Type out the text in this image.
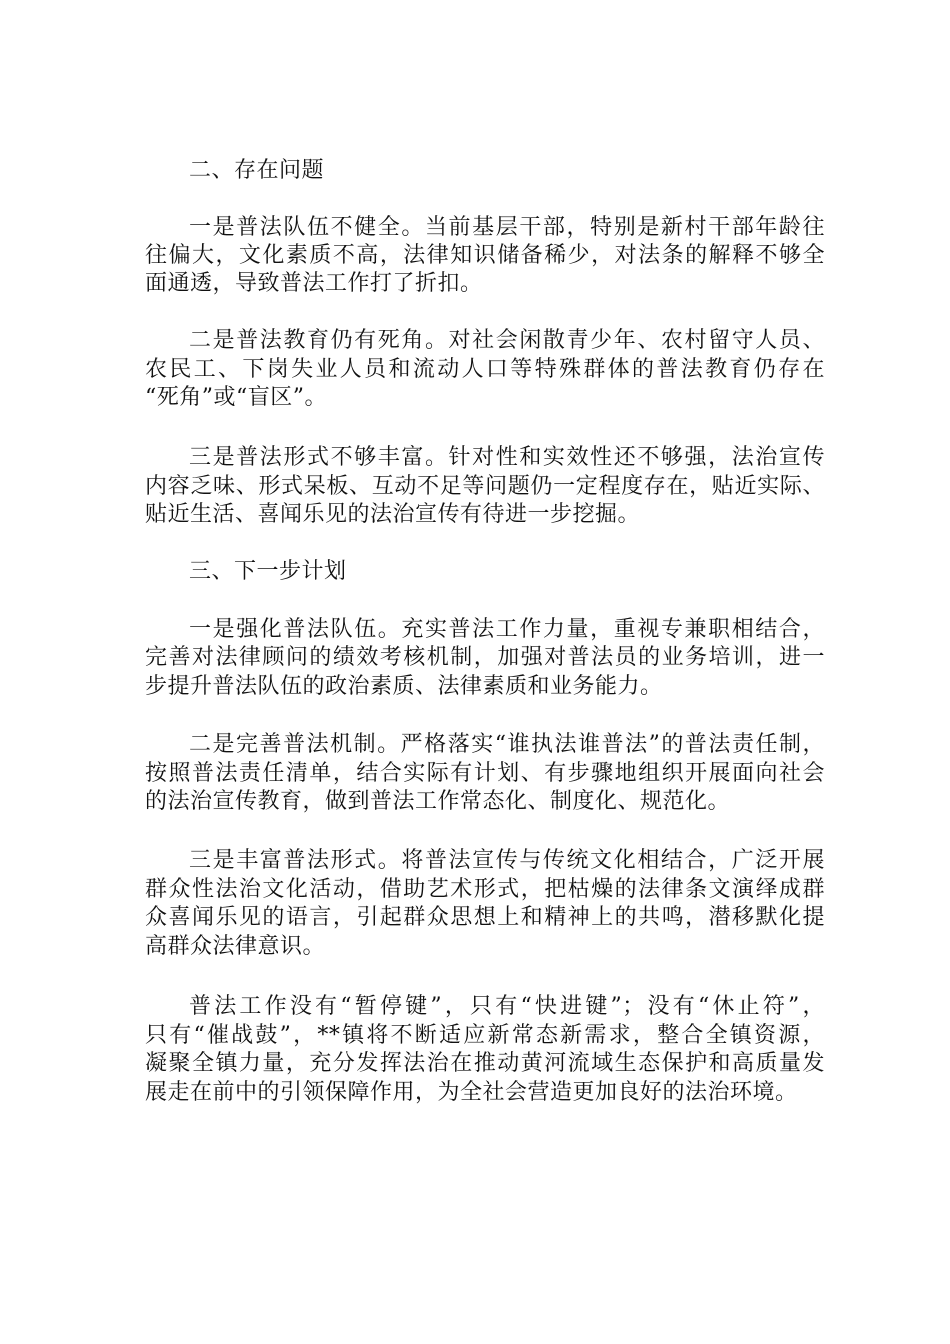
二、存在问题
一是普法队伍不健全。当前基层干部，特别是新村干部年龄往
往偏大，文化素质不高，法律知识储备稀少，对法条的解释不够全
面通透，导致普法工作打了折扣。
二是普法教育仍有死角。对社会闲散青少年、农村留守人员、
农民工、下岗失业人员和流动人口等特殊群体的普法教育仍存在
“死角”或“盲区”。
三是普法形式不够丰富。针对性和实效性还不够强，法治宣传
内容乏味、形式呆板、互动不足等问题仍一定程度存在，贴近实际、
贴近生活、喜闻乐见的法治宣传有待进一步挖掘。
三、下一步计划
一是强化普法队伍。充实普法工作力量，重视专兼职相结合，
完善对法律顾问的绩效考核机制，加强对普法员的业务培训，进一
步提升普法队伍的政治素质、法律素质和业务能力。
二是完善普法机制。严格落实“谁执法谁普法”的普法责任制，
按照普法责任清单，结合实际有计划、有步骤地组织开展面向社会
的法治宣传教育，做到普法工作常态化、制度化、规范化。
三是丰富普法形式。将普法宣传与传统文化相结合，广泛开展
群众性法治文化活动，借助艺术形式，把枯燥的法律条文演绎成群
众喜闻乐见的语言，引起群众思想上和精神上的共鸣，潜移默化提
高群众法律意识。
普法工作没有“暂停键”，只有“快进键”；没有“休止符”，
只有“催战鼓”，**镇将不断适应新常态新需求，整合全镇资源，
凝聚全镇力量，充分发挥法治在推动黄河流域生态保护和高质量发
展走在前中的引领保障作用，为全社会营造更加良好的法治环境。
